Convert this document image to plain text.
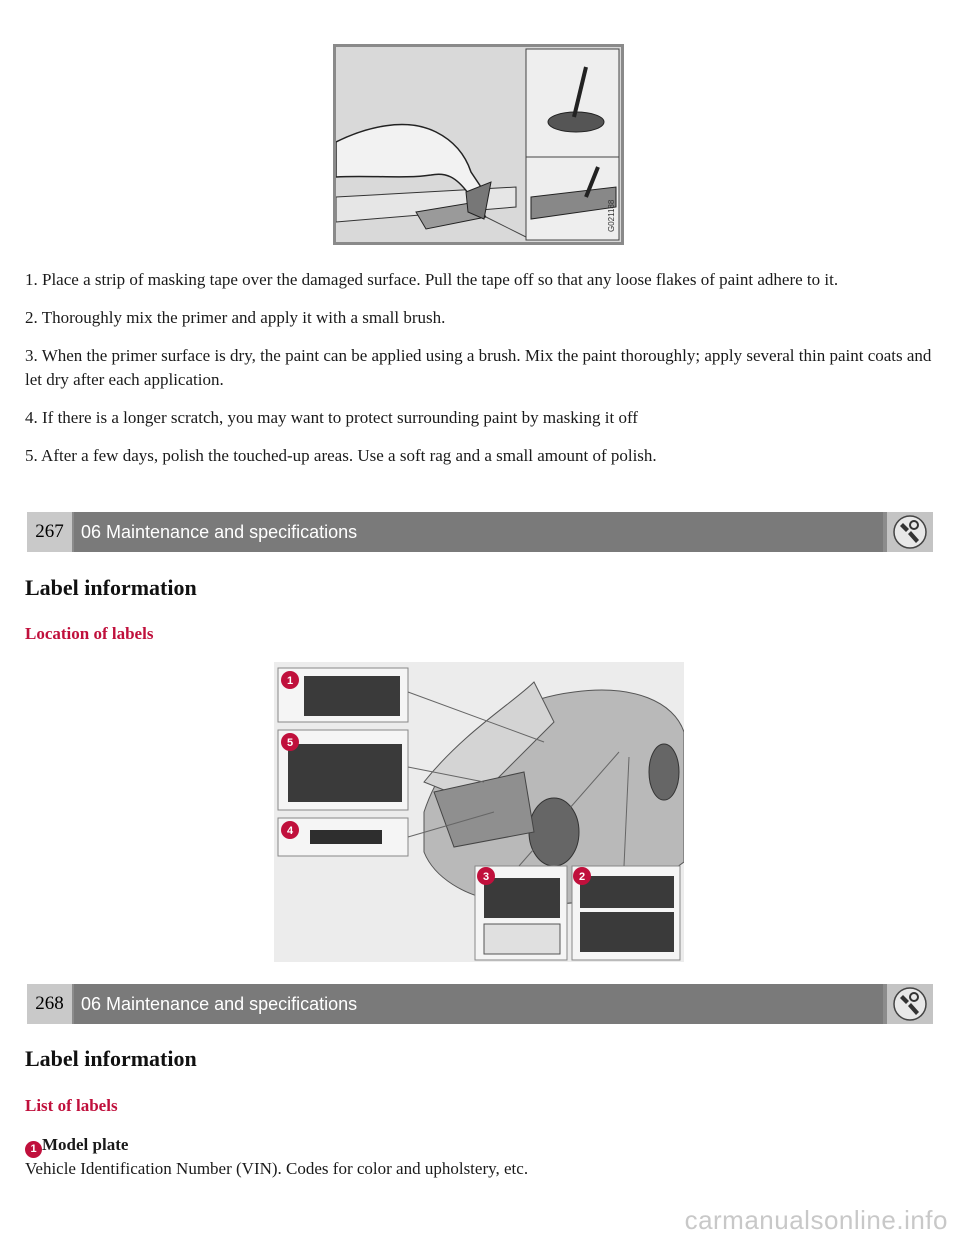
G021188

1. Place a strip of masking tape over the damaged surface. Pull the tape off so that any loose flakes of paint adhere to it.

2. Thoroughly mix the primer and apply it with a small brush.

3. When the primer surface is dry, the paint can be applied using a brush. Mix the paint thoroughly; apply several thin paint coats and let dry after each application.

4. If there is a longer scratch, you may want to protect surrounding paint by masking it off

5. After a few days, polish the touched-up areas. Use a soft rag and a small amount of polish.

267 06 Maintenance and specifications
Label information
Location of labels
1
5
4
3	2
268 06 Maintenance and specifications
Label information
List of labels
1 Model plate
Vehicle Identification Number (VIN). Codes for color and upholstery, etc.
carmanualsonline.info
